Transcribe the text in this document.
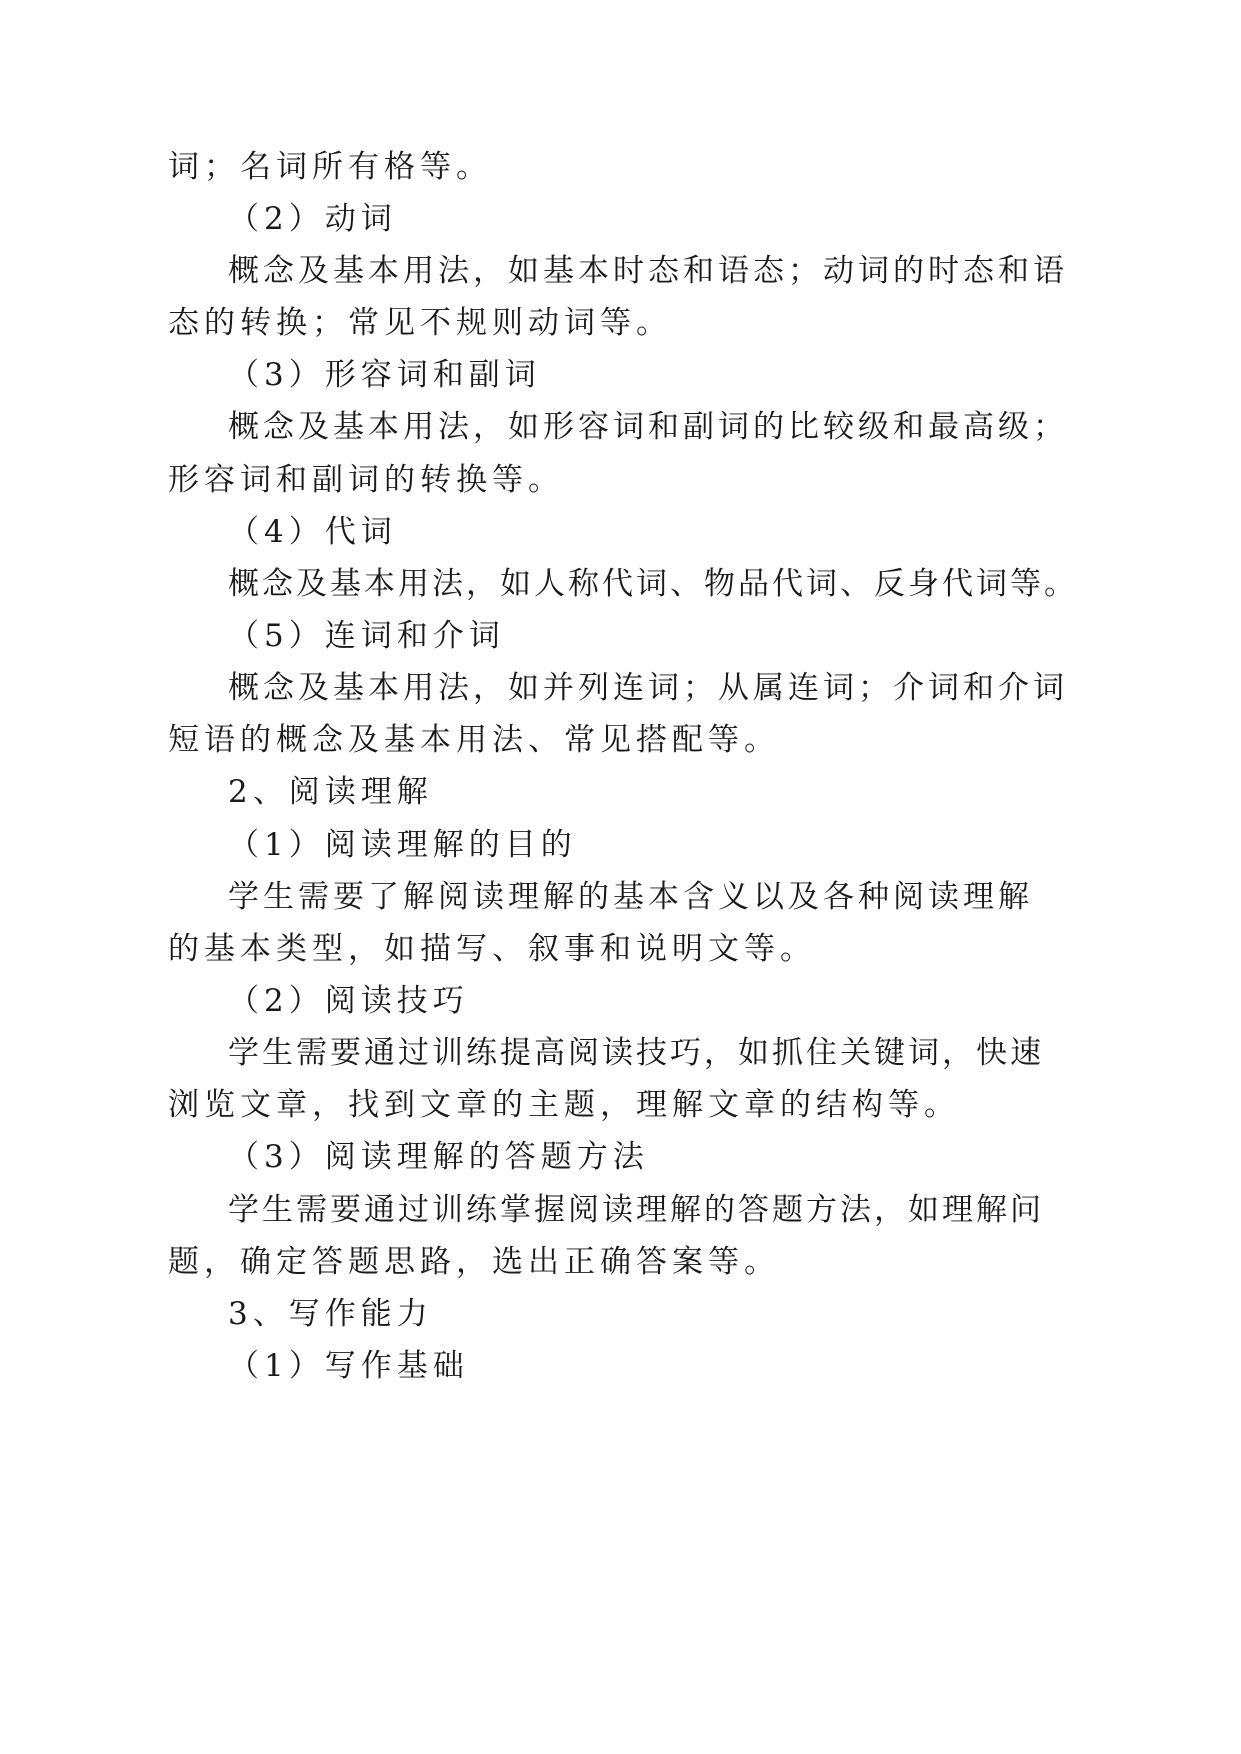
词；名词所有格等。
（2）动词
概念及基本用法，如基本时态和语态；动词的时态和语
态的转换；常见不规则动词等。
（3）形容词和副词
概念及基本用法，如形容词和副词的比较级和最高级；
形容词和副词的转换等。
（4）代词
概念及基本用法，如人称代词、物品代词、反身代词等。
（5）连词和介词
概念及基本用法，如并列连词；从属连词；介词和介词
短语的概念及基本用法、常见搭配等。
2、阅读理解
（1）阅读理解的目的
学生需要了解阅读理解的基本含义以及各种阅读理解
的基本类型，如描写、叙事和说明文等。
（2）阅读技巧
学生需要通过训练提高阅读技巧，如抓住关键词，快速
浏览文章，找到文章的主题，理解文章的结构等。
（3）阅读理解的答题方法
学生需要通过训练掌握阅读理解的答题方法，如理解问
题，确定答题思路，选出正确答案等。
3、写作能力
（1）写作基础
